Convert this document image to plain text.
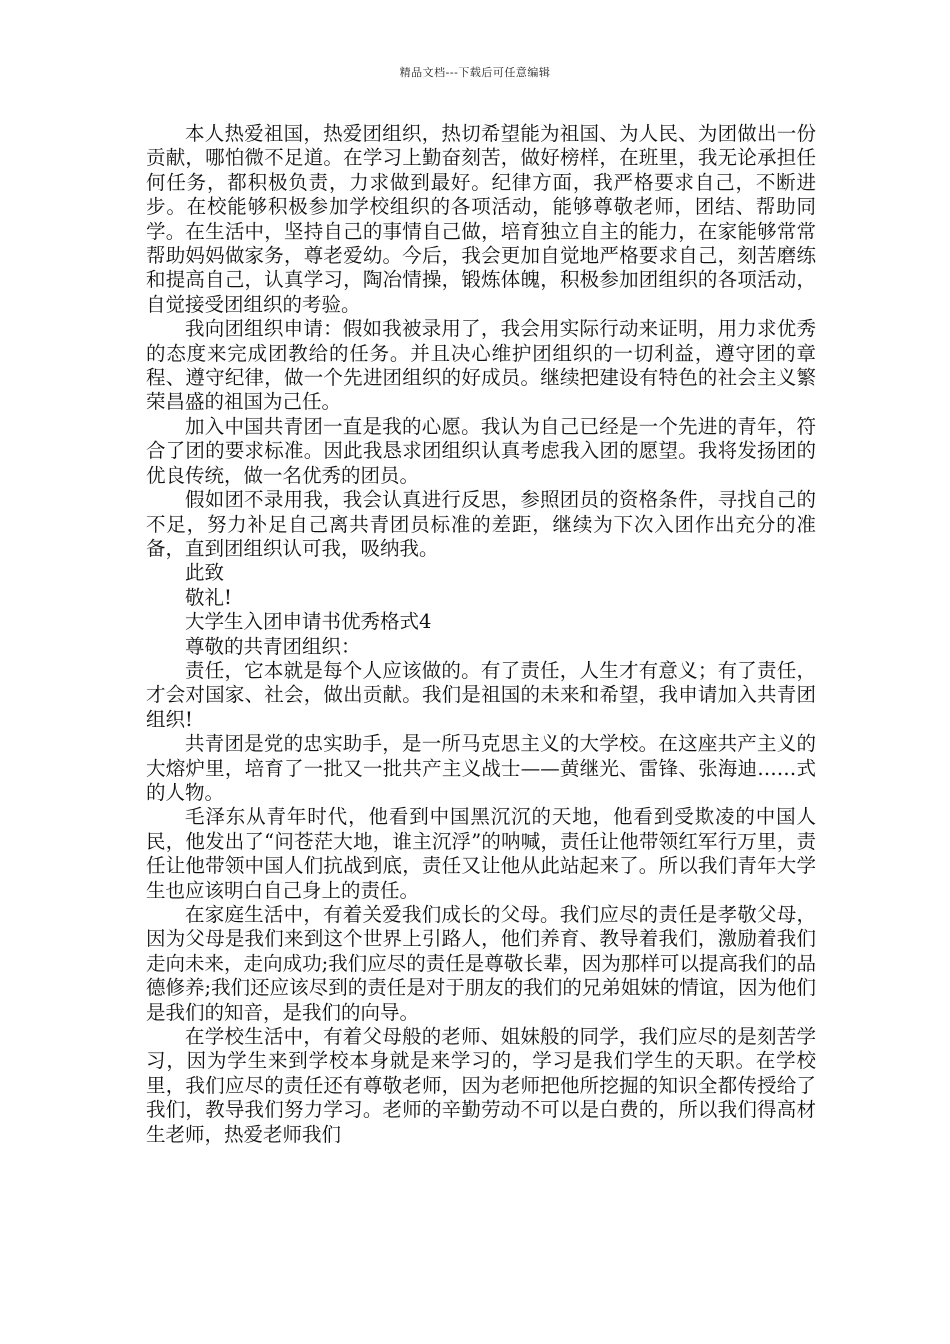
精品文档---下载后可任意编辑

本人热爱祖国，热爱团组织，热切希望能为祖国、为人民、为团做出一份贡献，哪怕微不足道。在学习上勤奋刻苦，做好榜样，在班里，我无论承担任何任务，都积极负责，力求做到最好。纪律方面，我严格要求自己，不断进步。在校能够积极参加学校组织的各项活动，能够尊敬老师，团结、帮助同学。在生活中，坚持自己的事情自己做，培育独立自主的能力，在家能够常常帮助妈妈做家务，尊老爱幼。今后，我会更加自觉地严格要求自己，刻苦磨练和提高自己，认真学习，陶冶情操，锻炼体魄，积极参加团组织的各项活动，自觉接受团组织的考验。

我向团组织申请：假如我被录用了，我会用实际行动来证明，用力求优秀的态度来完成团教给的任务。并且决心维护团组织的一切利益，遵守团的章程、遵守纪律，做一个先进团组织的好成员。继续把建设有特色的社会主义繁荣昌盛的祖国为己任。

加入中国共青团一直是我的心愿。我认为自己已经是一个先进的青年，符合了团的要求标准。因此我恳求团组织认真考虑我入团的愿望。我将发扬团的优良传统，做一名优秀的团员。

假如团不录用我，我会认真进行反思，参照团员的资格条件，寻找自己的不足，努力补足自己离共青团员标准的差距，继续为下次入团作出充分的准备，直到团组织认可我，吸纳我。

此致

敬礼!

大学生入团申请书优秀格式4

尊敬的共青团组织：

责任，它本就是每个人应该做的。有了责任，人生才有意义；有了责任，才会对国家、社会，做出贡献。我们是祖国的未来和希望，我申请加入共青团组织!

共青团是党的忠实助手，是一所马克思主义的大学校。在这座共产主义的大熔炉里，培育了一批又一批共产主义战士——黄继光、雷锋、张海迪……式的人物。

毛泽东从青年时代，他看到中国黑沉沉的天地，他看到受欺凌的中国人民，他发出了“问苍茫大地，谁主沉浮”的呐喊，责任让他带领红军行万里，责任让他带领中国人们抗战到底，责任又让他从此站起来了。所以我们青年大学生也应该明白自己身上的责任。

在家庭生活中，有着关爱我们成长的父母。我们应尽的责任是孝敬父母，因为父母是我们来到这个世界上引路人，他们养育、教导着我们，激励着我们走向未来，走向成功;我们应尽的责任是尊敬长辈，因为那样可以提高我们的品德修养;我们还应该尽到的责任是对于朋友的我们的兄弟姐妹的情谊，因为他们是我们的知音，是我们的向导。

在学校生活中，有着父母般的老师、姐妹般的同学，我们应尽的是刻苦学习，因为学生来到学校本身就是来学习的，学习是我们学生的天职。在学校里，我们应尽的责任还有尊敬老师，因为老师把他所挖掘的知识全都传授给了我们，教导我们努力学习。老师的辛勤劳动不可以是白费的，所以我们得高材生老师，热爱老师我们
